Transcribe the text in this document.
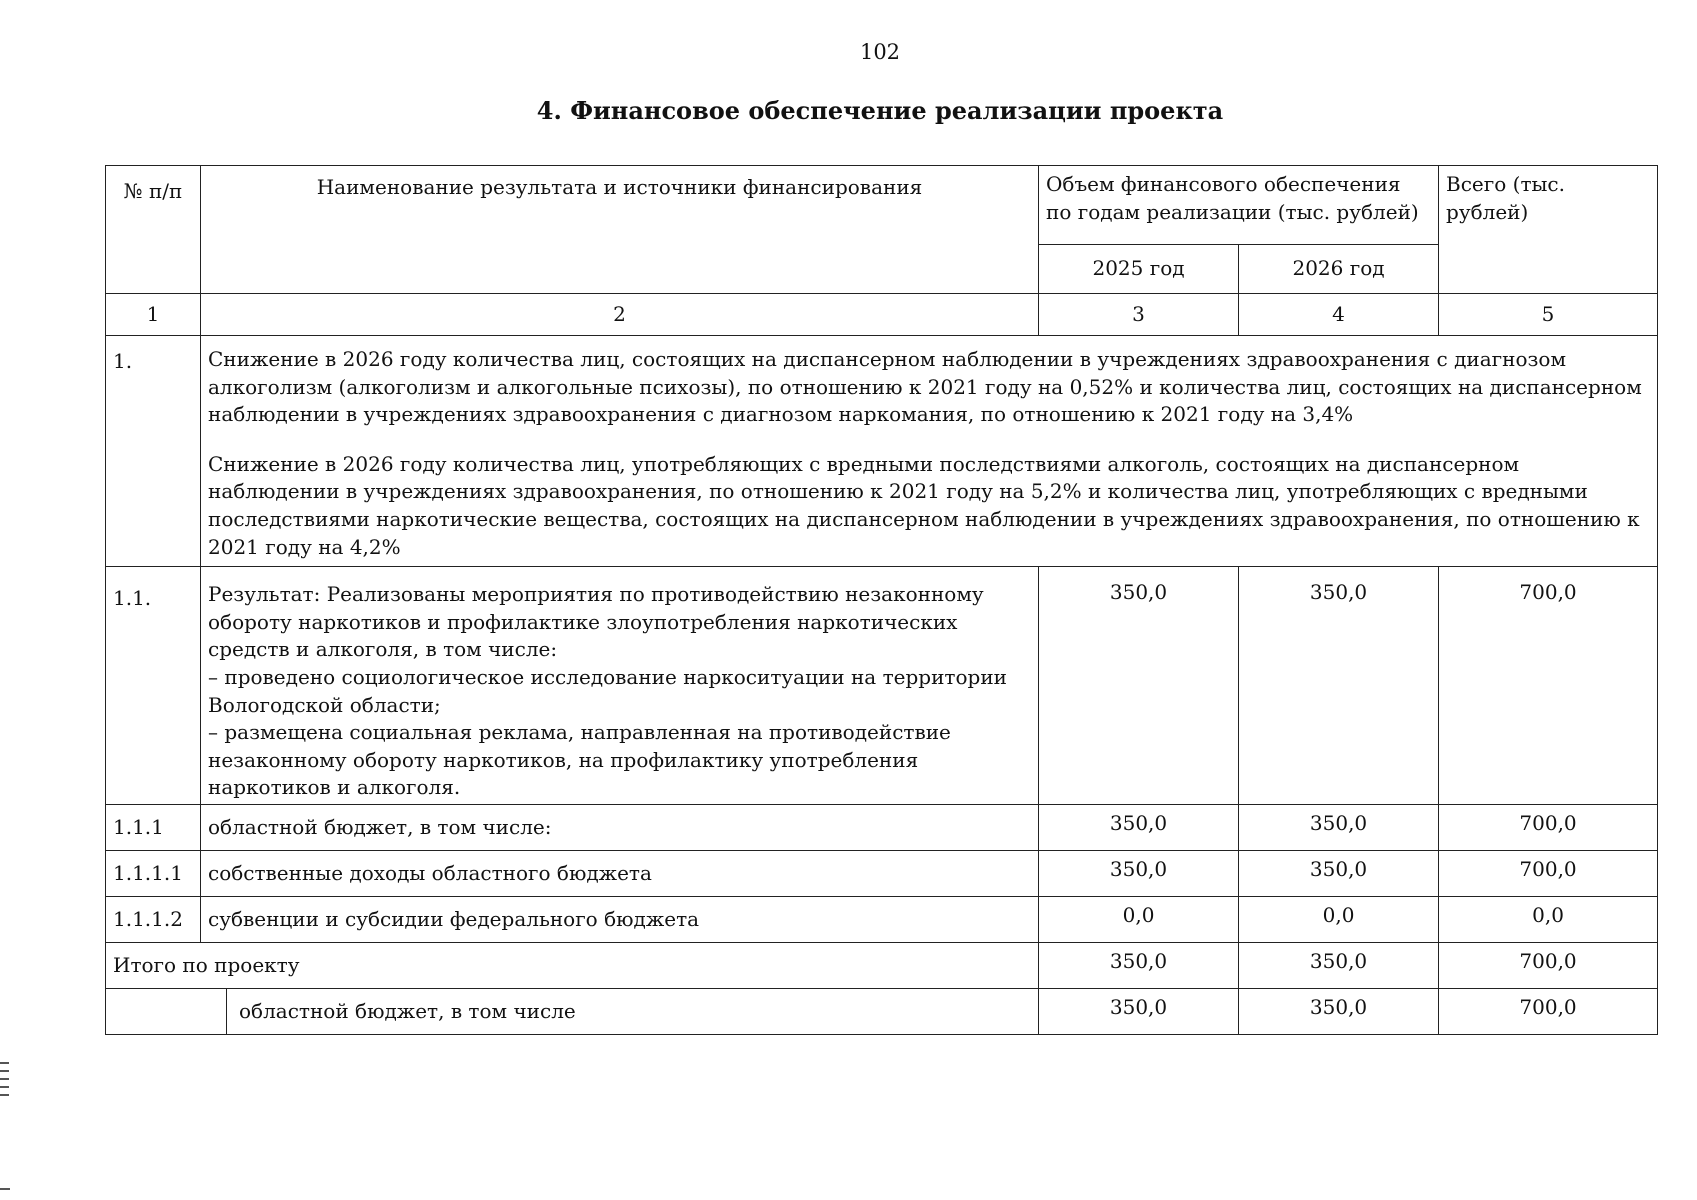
102
4. Финансовое обеспечение реализации проекта
№ п/п	Наименование результата и источники финансирования		Объем финансового обеспечения по годам реализации (тыс. рублей)		Всего (тыс. рублей)
			2025 год	2026 год	
1	2		3	4	5
1.	Снижение в 2026 году количества лиц, состоящих на диспансерном наблюдении в учреждениях здравоохранения с диагнозом алкоголизм (алкоголизм и алкогольные психозы), по отношению к 2021 году на 0,52% и количества лиц, состоящих на диспансерном наблюдении в учреждениях здравоохранения с диагнозом наркомания, по отношению к 2021 году на 3,4%

Снижение в 2026 году количества лиц, употребляющих с вредными последствиями алкоголь, состоящих на диспансерном наблюдении в учреждениях здравоохранения, по отношению к 2021 году на 5,2% и количества лиц, употребляющих с вредными последствиями наркотические вещества, состоящих на диспансерном наблюдении в учреждениях здравоохранения, по отношению к 2021 году на 4,2%				

1.1.	Результат: Реализованы мероприятия по противодействию незаконному обороту наркотиков и профилактике злоупотребления наркотических средств и алкоголя, в том числе:
– проведено социологическое исследование наркоситуации на территории Вологодской области;
– размещена социальная реклама, направленная на противодействие незаконному обороту наркотиков, на профилактику употребления наркотиков и алкоголя.		350,0	350,0	700,0
1.1.1	областной бюджет, в том числе:		350,0	350,0	700,0
1.1.1.1	собственные доходы областного бюджета		350,0	350,0	700,0
1.1.1.2	субвенции и субсидии федерального бюджета		0,0	0,0	0,0
Итого по проекту			350,0	350,0	700,0
		областной бюджет, в том числе	350,0	350,0	700,0
